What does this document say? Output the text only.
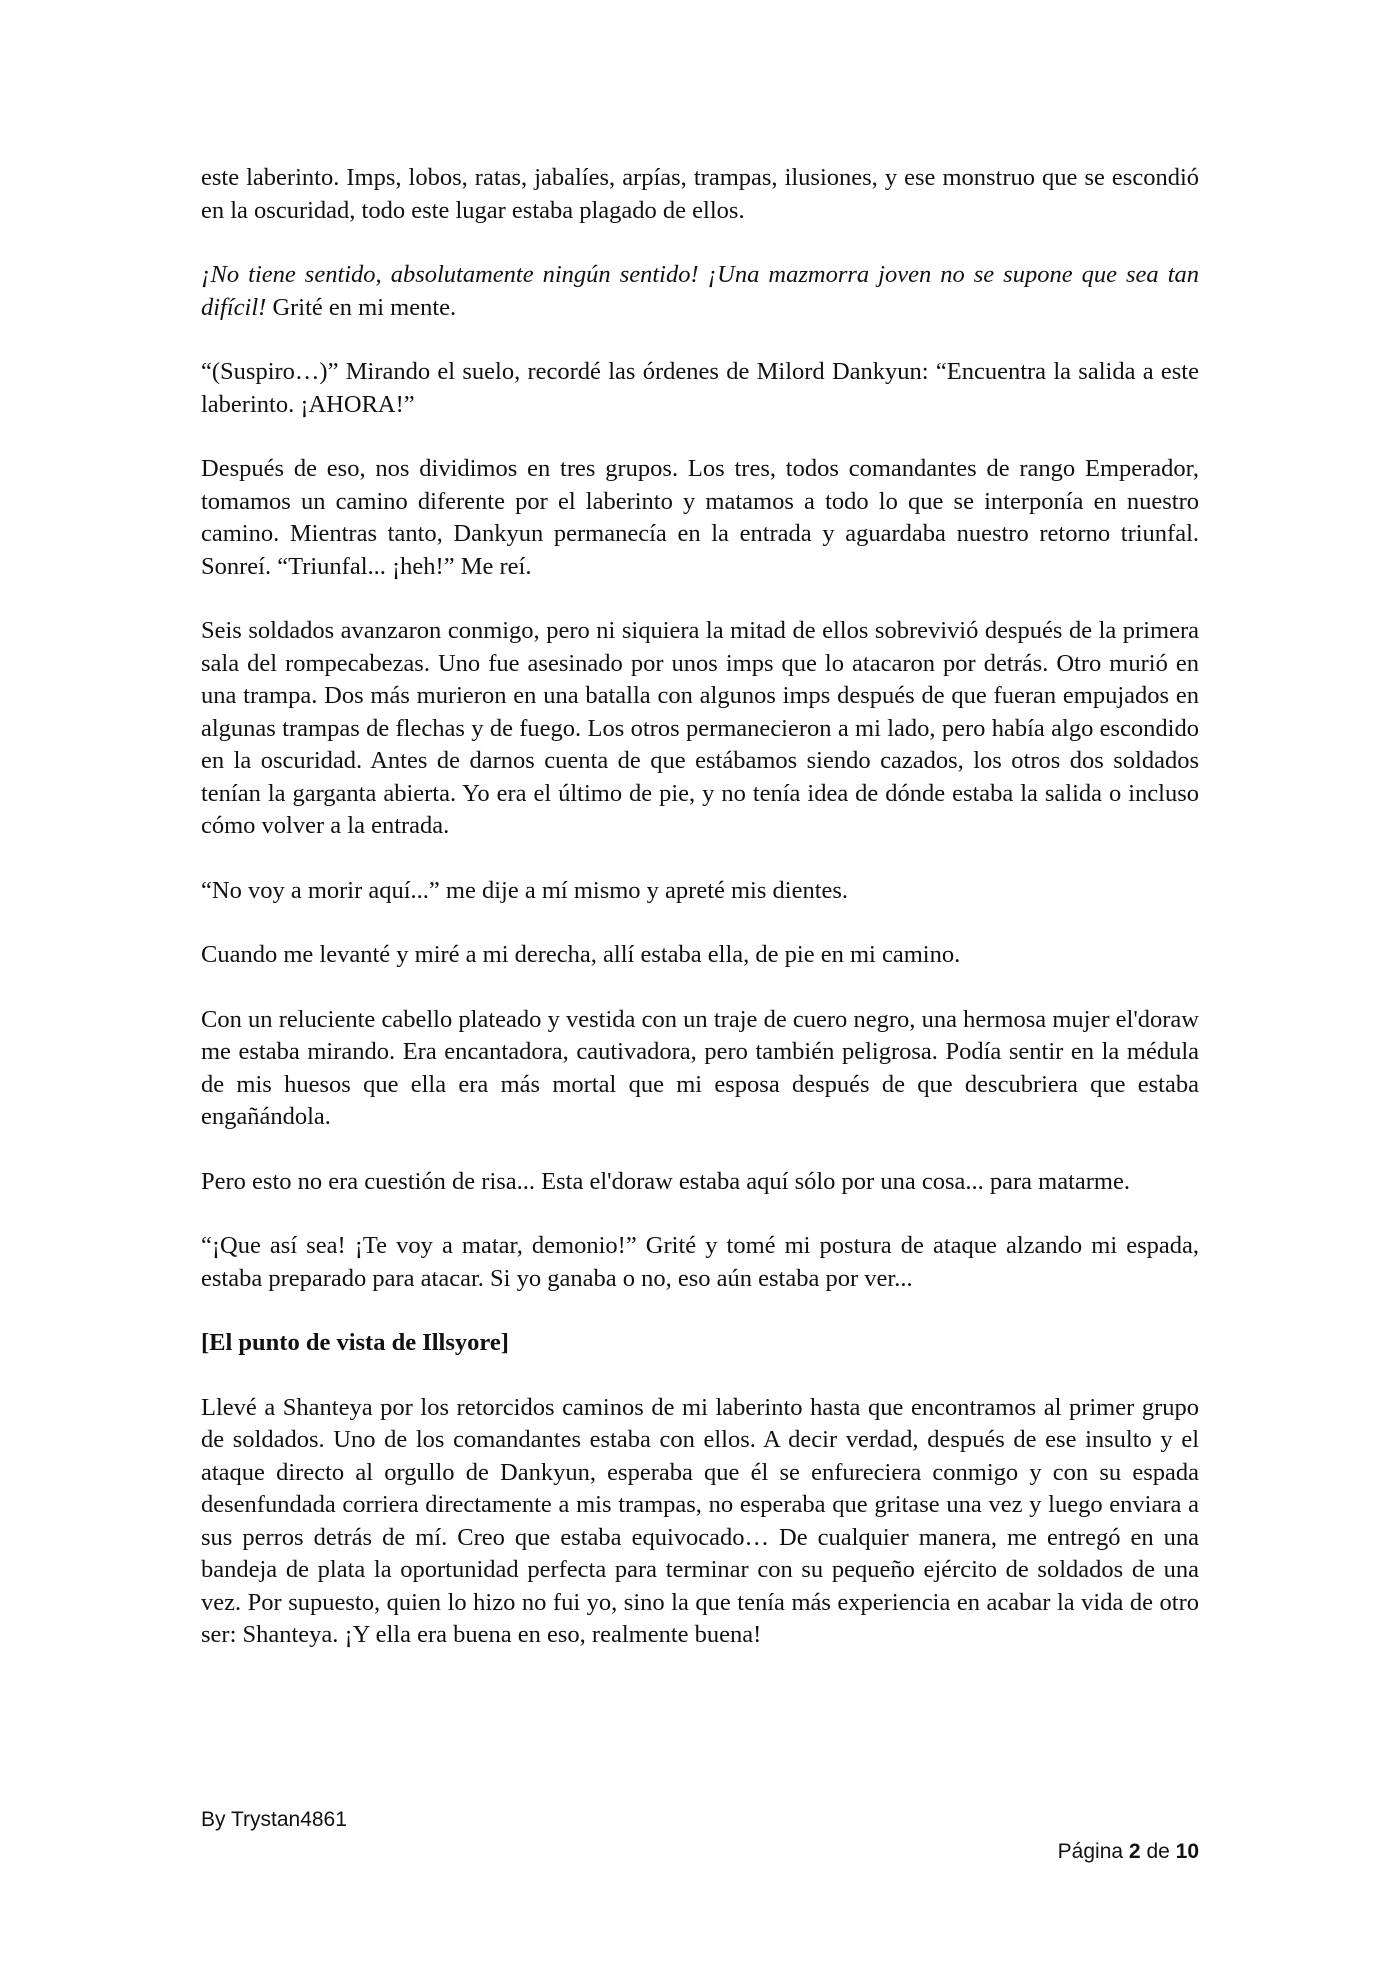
este laberinto. Imps, lobos, ratas, jabalíes, arpías, trampas, ilusiones, y ese monstruo que se escondió en la oscuridad, todo este lugar estaba plagado de ellos.

¡No tiene sentido, absolutamente ningún sentido! ¡Una mazmorra joven no se supone que sea tan difícil! Grité en mi mente.

“(Suspiro…)” Mirando el suelo, recordé las órdenes de Milord Dankyun: “Encuentra la salida a este laberinto. ¡AHORA!”

Después de eso, nos dividimos en tres grupos. Los tres, todos comandantes de rango Emperador, tomamos un camino diferente por el laberinto y matamos a todo lo que se interponía en nuestro camino. Mientras tanto, Dankyun permanecía en la entrada y aguardaba nuestro retorno triunfal. Sonreí. “Triunfal... ¡heh!” Me reí.

Seis soldados avanzaron conmigo, pero ni siquiera la mitad de ellos sobrevivió después de la primera sala del rompecabezas. Uno fue asesinado por unos imps que lo atacaron por detrás. Otro murió en una trampa. Dos más murieron en una batalla con algunos imps después de que fueran empujados en algunas trampas de flechas y de fuego. Los otros permanecieron a mi lado, pero había algo escondido en la oscuridad. Antes de darnos cuenta de que estábamos siendo cazados, los otros dos soldados tenían la garganta abierta. Yo era el último de pie, y no tenía idea de dónde estaba la salida o incluso cómo volver a la entrada.

“No voy a morir aquí...” me dije a mí mismo y apreté mis dientes.

Cuando me levanté y miré a mi derecha, allí estaba ella, de pie en mi camino.

Con un reluciente cabello plateado y vestida con un traje de cuero negro, una hermosa mujer el'doraw me estaba mirando. Era encantadora, cautivadora, pero también peligrosa. Podía sentir en la médula de mis huesos que ella era más mortal que mi esposa después de que descubriera que estaba engañándola.

Pero esto no era cuestión de risa... Esta el'doraw estaba aquí sólo por una cosa... para matarme.

“¡Que así sea! ¡Te voy a matar, demonio!” Grité y tomé mi postura de ataque alzando mi espada, estaba preparado para atacar. Si yo ganaba o no, eso aún estaba por ver...

[El punto de vista de Illsyore]

Llevé a Shanteya por los retorcidos caminos de mi laberinto hasta que encontramos al primer grupo de soldados. Uno de los comandantes estaba con ellos. A decir verdad, después de ese insulto y el ataque directo al orgullo de Dankyun, esperaba que él se enfureciera conmigo y con su espada desenfundada corriera directamente a mis trampas, no esperaba que gritase una vez y luego enviara a sus perros detrás de mí. Creo que estaba equivocado… De cualquier manera, me entregó en una bandeja de plata la oportunidad perfecta para terminar con su pequeño ejército de soldados de una vez. Por supuesto, quien lo hizo no fui yo, sino la que tenía más experiencia en acabar la vida de otro ser: Shanteya. ¡Y ella era buena en eso, realmente buena!

By Trystan4861
Página 2 de 10
